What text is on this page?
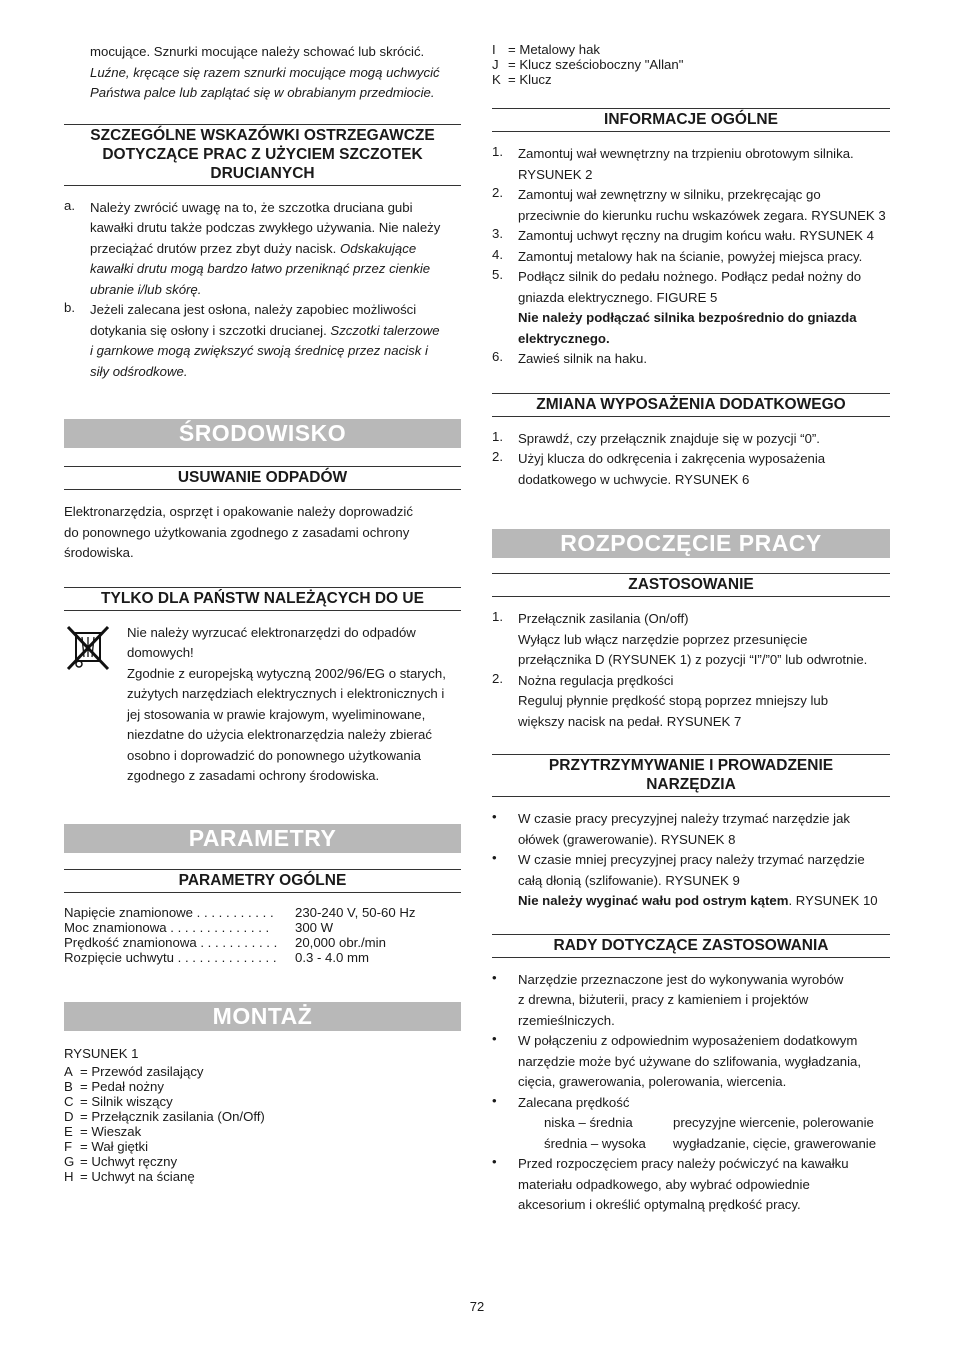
mocujące. Sznurki mocujące należy schować lub skrócić.

Luźne, kręcące się razem sznurki mocujące mogą uchwycić

Państwa palce lub zaplątać się w obrabianym przedmiocie.

SZCZEGÓLNE WSKAZÓWKI OSTRZEGAWCZE
DOTYCZĄCE PRAC Z UŻYCIEM SZCZOTEK
DRUCIANYCH
a.	Należy zwrócić uwagę na to, że szczotka druciana gubi

kawałki drutu także podczas zwykłego używania. Nie należy

przeciążać drutów przez zbyt duży nacisk. Odskakujące

kawałki drutu mogą bardzo łatwo przeniknąć przez cienkie

ubranie i/lub skórę.

b.	Jeżeli zalecana jest osłona, należy zapobiec możliwości

dotykania się osłony i szczotki drucianej. Szczotki talerzowe

i garnkowe mogą zwiększyć swoją średnicę przez nacisk i

siły odśrodkowe.

ŚRODOWISKO
USUWANIE ODPADÓW

Elektronarzędzia, osprzęt i opakowanie należy doprowadzić

do ponownego użytkowania zgodnego z zasadami ochrony

środowiska.

TYLKO DLA PAŃSTW NALEŻĄCYCH DO UE

Nie należy wyrzucać elektronarzędzi do odpadów

domowych!

Zgodnie z europejską wytyczną 2002/96/EG o starych,

zużytych narzędziach elektrycznych i elektronicznych i

jej stosowania w prawie krajowym, wyeliminowane,

niezdatne do użycia elektronarzędzia należy zbierać

osobno i doprowadzić do ponownego użytkowania

zgodnego z zasadami ochrony środowiska.

PARAMETRY
PARAMETRY OGÓLNE
Napięcie znamionowe . . . . . . . . . . .	230-240 V, 50-60 Hz
Moc znamionowa . . . . . . . . . . . . . .	300 W
Prędkość znamionowa . . . . . . . . . . .	20,000 obr./min
Rozpięcie uchwytu . . . . . . . . . . . . . .	0.3 - 4.0 mm
MONTAŻ

RYSUNEK 1

A = Przewód zasilający
B = Pedał nożny
C = Silnik wiszący
D = Przełącznik zasilania (On/Off)
E = Wieszak
F = Wał giętki
G = Uchwyt ręczny
H = Uchwyt na ścianę
I = Metalowy hak
J = Klucz sześcioboczny "Allan"
K = Klucz
INFORMACJE OGÓLNE
1.	Zamontuj wał wewnętrzny na trzpieniu obrotowym silnika.

RYSUNEK 2

2.	Zamontuj wał zewnętrzny w silniku, przekręcając go

przeciwnie do kierunku ruchu wskazówek zegara. RYSUNEK 3

3.	Zamontuj uchwyt ręczny na drugim końcu wału. RYSUNEK 4

4.	Zamontuj metalowy hak na ścianie, powyżej miejsca pracy.

5.	Podłącz silnik do pedału nożnego. Podłącz pedał nożny do

gniazda elektrycznego. FIGURE 5

Nie należy podłączać silnika bezpośrednio do gniazda

elektrycznego.

6.	Zawieś silnik na haku.

ZMIANA WYPOSAŻENIA DODATKOWEGO
1.	Sprawdź, czy przełącznik znajduje się w pozycji “0”.

2.	Użyj klucza do odkręcenia i zakręcenia wyposażenia

dodatkowego w uchwycie. RYSUNEK 6

ROZPOCZĘCIE PRACY
ZASTOSOWANIE
1.	Przełącznik zasilania (On/off)

Wyłącz lub włącz narzędzie poprzez przesunięcie

przełącznika D (RYSUNEK 1) z pozycji “I”/”0” lub odwrotnie.

2.	Nożna regulacja prędkości

Reguluj płynnie prędkość stopą poprzez mniejszy lub

większy nacisk na pedał. RYSUNEK 7

PRZYTRZYMYWANIE I PROWADZENIE
NARZĘDZIA
•	W czasie pracy precyzyjnej należy trzymać narzędzie jak

ołówek (grawerowanie). RYSUNEK 8

•	W czasie mniej precyzyjnej pracy należy trzymać narzędzie

całą dłonią (szlifowanie). RYSUNEK 9

Nie należy wyginać wału pod ostrym kątem. RYSUNEK 10

RADY DOTYCZĄCE ZASTOSOWANIA
•	Narzędzie przeznaczone jest do wykonywania wyrobów

z drewna, biżuterii, pracy z kamieniem i projektów

rzemieślniczych.

•	W połączeniu z odpowiednim wyposażeniem dodatkowym

narzędzie może być używane do szlifowania, wygładzania,

cięcia, grawerowania, polerowania, wiercenia.

•	Zalecana prędkość

niska – średnia	precyzyjne wiercenie, polerowanie

średnia – wysoka	wygładzanie, cięcie, grawerowanie

•	Przed rozpoczęciem pracy należy poćwiczyć na kawałku

materiału odpadkowego, aby wybrać odpowiednie

akcesorium i określić optymalną prędkość pracy.

72
